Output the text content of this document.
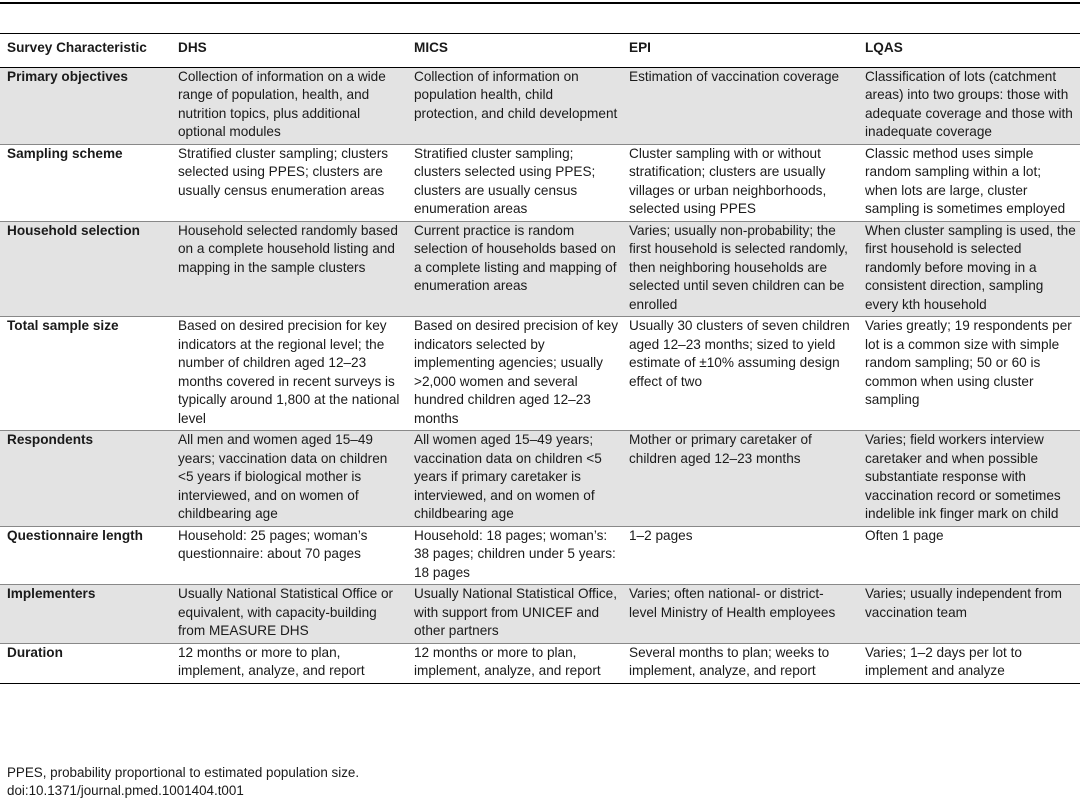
Survey Characteristic	DHS	MICS	EPI	LQAS
Primary objectives	Collection of information on a wide range of population, health, and nutrition topics, plus additional optional modules	Collection of information on population health, child protection, and child development	Estimation of vaccination coverage	Classification of lots (catchment areas) into two groups: those with adequate coverage and those with inadequate coverage
Sampling scheme	Stratified cluster sampling; clusters selected using PPES; clusters are usually census enumeration areas	Stratified cluster sampling; clusters selected using PPES; clusters are usually census enumeration areas	Cluster sampling with or without stratification; clusters are usually villages or urban neighborhoods, selected using PPES	Classic method uses simple random sampling within a lot; when lots are large, cluster sampling is sometimes employed
Household selection	Household selected randomly based on a complete household listing and mapping in the sample clusters	Current practice is random selection of households based on a complete listing and mapping of enumeration areas	Varies; usually non-probability; the first household is selected randomly, then neighboring households are selected until seven children can be enrolled	When cluster sampling is used, the first household is selected randomly before moving in a consistent direction, sampling every kth household
Total sample size	Based on desired precision for key indicators at the regional level; the number of children aged 12–23 months covered in recent surveys is typically around 1,800 at the national level	Based on desired precision of key indicators selected by implementing agencies; usually >2,000 women and several hundred children aged 12–23 months	Usually 30 clusters of seven children aged 12–23 months; sized to yield estimate of ±10% assuming design effect of two	Varies greatly; 19 respondents per lot is a common size with simple random sampling; 50 or 60 is common when using cluster sampling
Respondents	All men and women aged 15–49 years; vaccination data on children <5 years if biological mother is interviewed, and on women of childbearing age	All women aged 15–49 years; vaccination data on children <5 years if primary caretaker is interviewed, and on women of childbearing age	Mother or primary caretaker of children aged 12–23 months	Varies; field workers interview caretaker and when possible substantiate response with vaccination record or sometimes indelible ink finger mark on child
Questionnaire length	Household: 25 pages; woman’s questionnaire: about 70 pages	Household: 18 pages; woman’s: 38 pages; children under 5 years: 18 pages	1–2 pages	Often 1 page
Implementers	Usually National Statistical Office or equivalent, with capacity-building from MEASURE DHS	Usually National Statistical Office, with support from UNICEF and other partners	Varies; often national- or district- level Ministry of Health employees	Varies; usually independent from vaccination team
Duration	12 months or more to plan, implement, analyze, and report	12 months or more to plan, implement, analyze, and report	Several months to plan; weeks to implement, analyze, and report	Varies; 1–2 days per lot to implement and analyze
PPES, probability proportional to estimated population size.
doi:10.1371/journal.pmed.1001404.t001
